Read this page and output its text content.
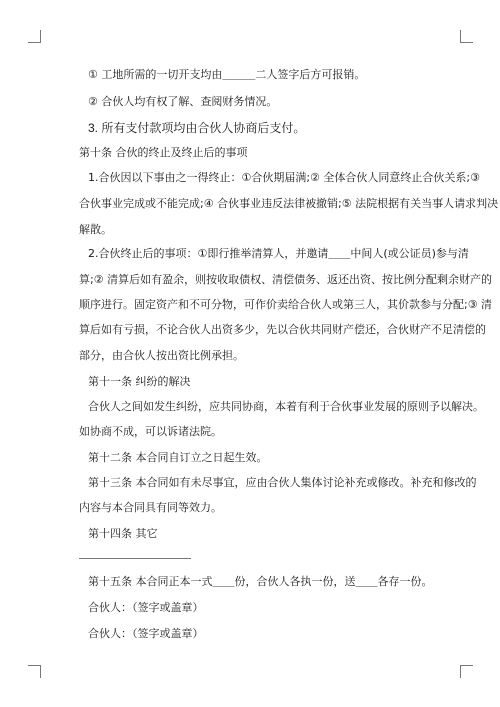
① 工地所需的一切开支均由＿＿＿二人签字后方可报销。
② 合伙人均有权了解、查阅财务情况。
3. 所有支付款项均由合伙人协商后支付。
第十条 合伙的终止及终止后的事项
1.合伙因以下事由之一得终止：①合伙期届满;② 全体合伙人同意终止合伙关系;③
合伙事业完成或不能完成;④ 合伙事业违反法律被撤销;⑤ 法院根据有关当事人请求判决
解散。
2.合伙终止后的事项：①即行推举清算人，并邀请＿＿中间人(或公证员)参与清
算;② 清算后如有盈余，则按收取债权、清偿债务、返还出资、按比例分配剩余财产的
顺序进行。固定资产和不可分物，可作价卖给合伙人或第三人，其价款参与分配;③ 清
算后如有亏损，不论合伙人出资多少，先以合伙共同财产偿还，合伙财产不足清偿的
部分，由合伙人按出资比例承担。
第十一条 纠纷的解决
合伙人之间如发生纠纷，应共同协商，本着有利于合伙事业发展的原则予以解决。
如协商不成，可以诉诸法院。
第十二条 本合同自订立之日起生效。
第十三条 本合同如有未尽事宜，应由合伙人集体讨论补充或修改。补充和修改的
内容与本合同具有同等效力。
第十四条 其它
第十五条 本合同正本一式＿＿份，合伙人各执一份，送＿＿各存一份。
合伙人：（签字或盖章）
合伙人：（签字或盖章）
